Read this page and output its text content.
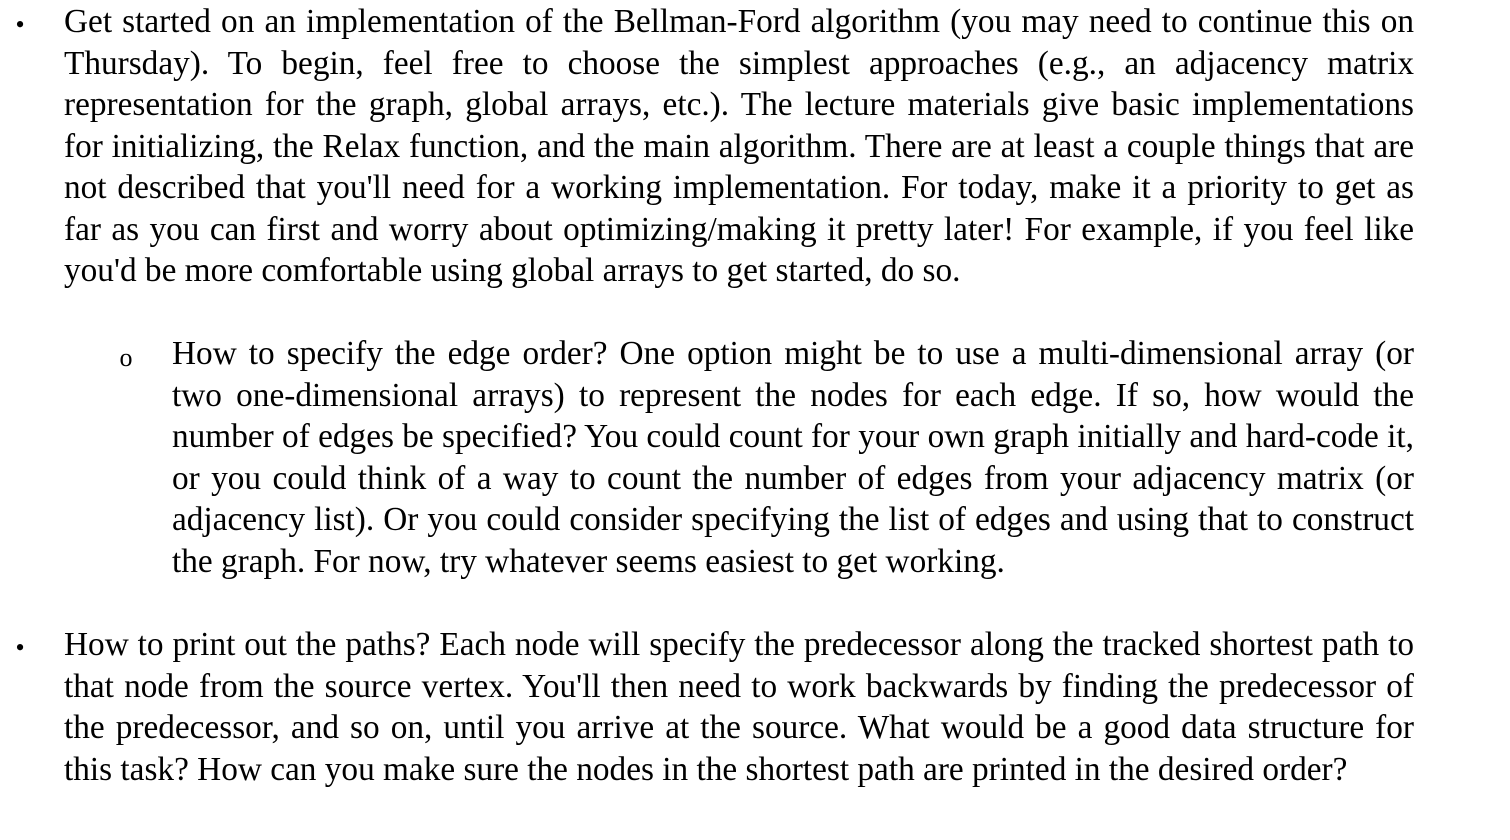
• Get started on an implementation of the Bellman-Ford algorithm (you may need to continue this on Thursday). To begin, feel free to choose the simplest approaches (e.g., an adjacency matrix representation for the graph, global arrays, etc.). The lecture materials give basic implementations for initializing, the Relax function, and the main algorithm. There are at least a couple things that are not described that you'll need for a working implementation. For today, make it a priority to get as far as you can first and worry about optimizing/making it pretty later! For example, if you feel like you'd be more comfortable using global arrays to get started, do so.
o How to specify the edge order? One option might be to use a multi-dimensional array (or two one-dimensional arrays) to represent the nodes for each edge. If so, how would the number of edges be specified? You could count for your own graph initially and hard-code it, or you could think of a way to count the number of edges from your adjacency matrix (or adjacency list). Or you could consider specifying the list of edges and using that to construct the graph. For now, try whatever seems easiest to get working.
• How to print out the paths? Each node will specify the predecessor along the tracked shortest path to that node from the source vertex. You'll then need to work backwards by finding the predecessor of the predecessor, and so on, until you arrive at the source. What would be a good data structure for this task? How can you make sure the nodes in the shortest path are printed in the desired order?
